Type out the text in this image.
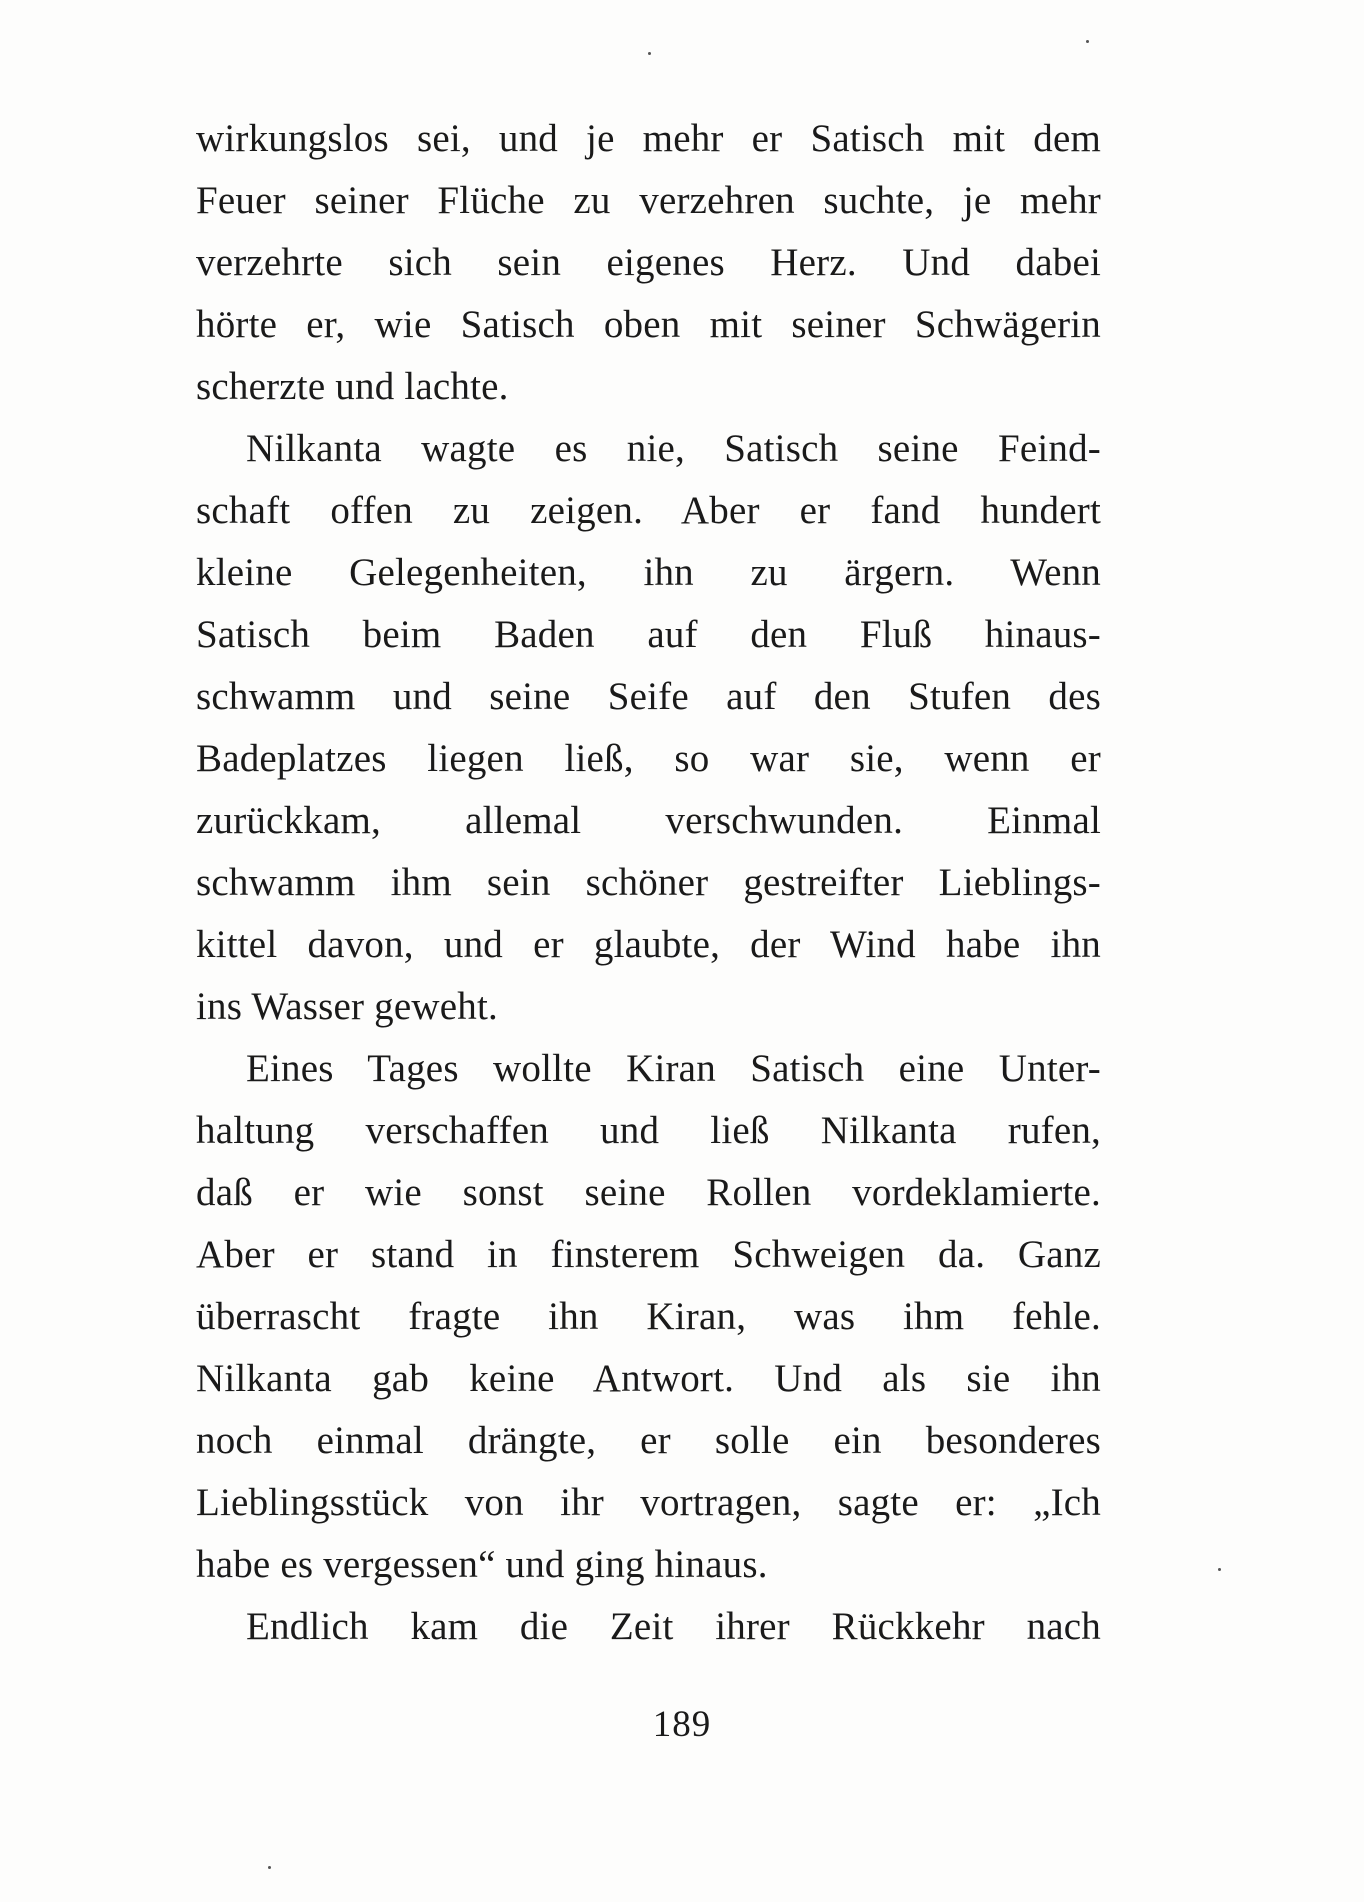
wirkungslos sei, und je mehr er Satisch mit dem
Feuer seiner Flüche zu verzehren suchte, je mehr
verzehrte sich sein eigenes Herz. Und dabei
hörte er, wie Satisch oben mit seiner Schwägerin
scherzte und lachte.
Nilkanta wagte es nie, Satisch seine Feind-
schaft offen zu zeigen. Aber er fand hundert
kleine Gelegenheiten, ihn zu ärgern. Wenn
Satisch beim Baden auf den Fluß hinaus-
schwamm und seine Seife auf den Stufen des
Badeplatzes liegen ließ, so war sie, wenn er
zurückkam, allemal verschwunden. Einmal
schwamm ihm sein schöner gestreifter Lieblings-
kittel davon, und er glaubte, der Wind habe ihn
ins Wasser geweht.
Eines Tages wollte Kiran Satisch eine Unter-
haltung verschaffen und ließ Nilkanta rufen,
daß er wie sonst seine Rollen vordeklamierte.
Aber er stand in finsterem Schweigen da. Ganz
überrascht fragte ihn Kiran, was ihm fehle.
Nilkanta gab keine Antwort. Und als sie ihn
noch einmal drängte, er solle ein besonderes
Lieblingsstück von ihr vortragen, sagte er: „Ich
habe es vergessen“ und ging hinaus.
Endlich kam die Zeit ihrer Rückkehr nach
189
